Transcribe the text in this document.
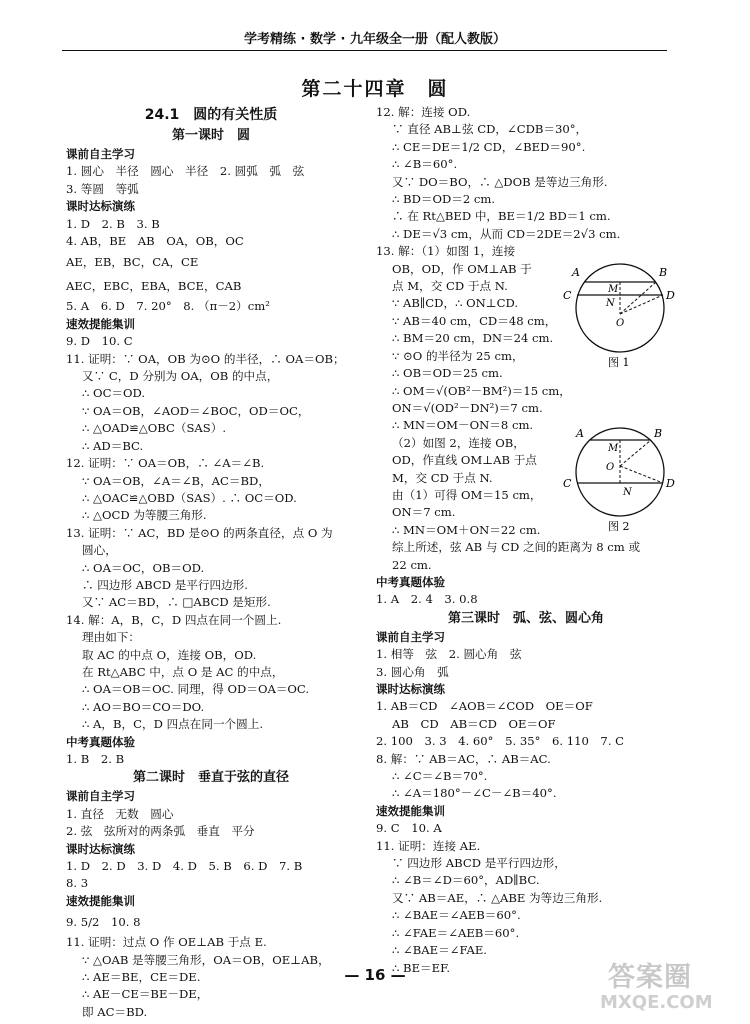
学考精练 · 数学 · 九年级全一册（配人教版）
第二十四章　圆
24.1　圆的有关性质
第一课时　圆
课前自主学习
1. 圆心　半径　圆心　半径　2. 圆弧　弧　弦
3. 等圆　等弧
课时达标演练
1. D　2. B　3. B
4. AB，BE　AB　OA，OB，OC
AE，EB，BC，CA，CE
AEC，EBC，EBA，BCE，CAB
5. A　6. D　7. 20°　8. （π－2）cm²
速效提能集训
9. D　10. C
11. 证明：∵ OA，OB 为⊙O 的半径，∴ OA＝OB；
又∵ C，D 分别为 OA，OB 的中点，
∴ OC＝OD.
∵ OA＝OB，∠AOD＝∠BOC，OD＝OC，
∴ △OAD≌△OBC（SAS）.
∴ AD＝BC.
12. 证明：∵ OA＝OB，∴ ∠A＝∠B.
∵ OA＝OB，∠A＝∠B，AC＝BD，
∴ △OAC≌△OBD（SAS）. ∴ OC＝OD.
∴ △OCD 为等腰三角形.
13. 证明：∵ AC，BD 是⊙O 的两条直径，点 O 为
圆心，
∴ OA＝OC，OB＝OD.
∴ 四边形 ABCD 是平行四边形.
又∵ AC＝BD，∴ □ABCD 是矩形.
14. 解：A，B，C，D 四点在同一个圆上.
理由如下：
取 AC 的中点 O，连接 OB，OD.
在 Rt△ABC 中，点 O 是 AC 的中点，
∴ OA＝OB＝OC. 同理，得 OD＝OA＝OC.
∴ AO＝BO＝CO＝DO.
∴ A，B，C，D 四点在同一个圆上.
中考真题体验
1. B　2. B
第二课时　垂直于弦的直径
课前自主学习
1. 直径　无数　圆心
2. 弦　弦所对的两条弧　垂直　平分
课时达标演练
1. D　2. D　3. D　4. D　5. B　6. D　7. B
8. 3
速效提能集训
9. 5/2　10. 8
11. 证明：过点 O 作 OE⊥AB 于点 E.
∵ △OAB 是等腰三角形，OA＝OB，OE⊥AB，
∴ AE＝BE，CE＝DE.
∴ AE－CE＝BE－DE，
即 AC＝BD.
12. 解：连接 OD.
∵ 直径 AB⊥弦 CD，∠CDB＝30°，
∴ CE＝DE＝1/2 CD，∠BED＝90°.
∴ ∠B＝60°.
又∵ DO＝BO，∴ △DOB 是等边三角形.
∴ BD＝OD＝2 cm.
∴ 在 Rt△BED 中，BE＝1/2 BD＝1 cm.
∴ DE＝√3 cm，从而 CD＝2DE＝2√3 cm.
13. 解：（1）如图 1，连接
OB，OD，作 OM⊥AB 于
点 M，交 CD 于点 N.
∵ AB∥CD，∴ ON⊥CD.
∵ AB＝40 cm，CD＝48 cm，
∴ BM＝20 cm，DN＝24 cm.
∵ ⊙O 的半径为 25 cm，
∴ OB＝OD＝25 cm.
∴ OM＝√(OB²－BM²)＝15 cm，
ON＝√(OD²－DN²)＝7 cm.
∴ MN＝OM－ON＝8 cm.
（2）如图 2，连接 OB，
OD，作直线 OM⊥AB 于点
M，交 CD 于点 N.
由（1）可得 OM＝15 cm，
ON＝7 cm.
∴ MN＝OM＋ON＝22 cm.
综上所述，弦 AB 与 CD 之间的距离为 8 cm 或
22 cm.
中考真题体验
1. A　2. 4　3. 0.8
第三课时　弧、弦、圆心角
课前自主学习
1. 相等　弦　2. 圆心角　弦
3. 圆心角　弧
课时达标演练
1. AB＝CD　∠AOB＝∠COD　OE＝OF
AB　CD　AB＝CD　OE＝OF
2. 100　3. 3　4. 60°　5. 35°　6. 110　7. C
8. 解：∵ AB＝AC，∴ AB＝AC.
∴ ∠C＝∠B＝70°.
∴ ∠A＝180°－∠C－∠B＝40°.
速效提能集训
9. C　10. A
11. 证明：连接 AE.
∵ 四边形 ABCD 是平行四边形，
∴ ∠B＝∠D＝60°，AD∥BC.
又∵ AB＝AE，∴ △ABE 为等边三角形.
∴ ∠BAE＝∠AEB＝60°.
∴ ∠FAE＝∠AEB＝60°.
∴ ∠BAE＝∠FAE.
∴ BE＝EF.
A	B
C	D
M
N
O
图 1
A	B
C	D
M
O
N
图 2
— 16 —	答案圈
MXQE.COM
